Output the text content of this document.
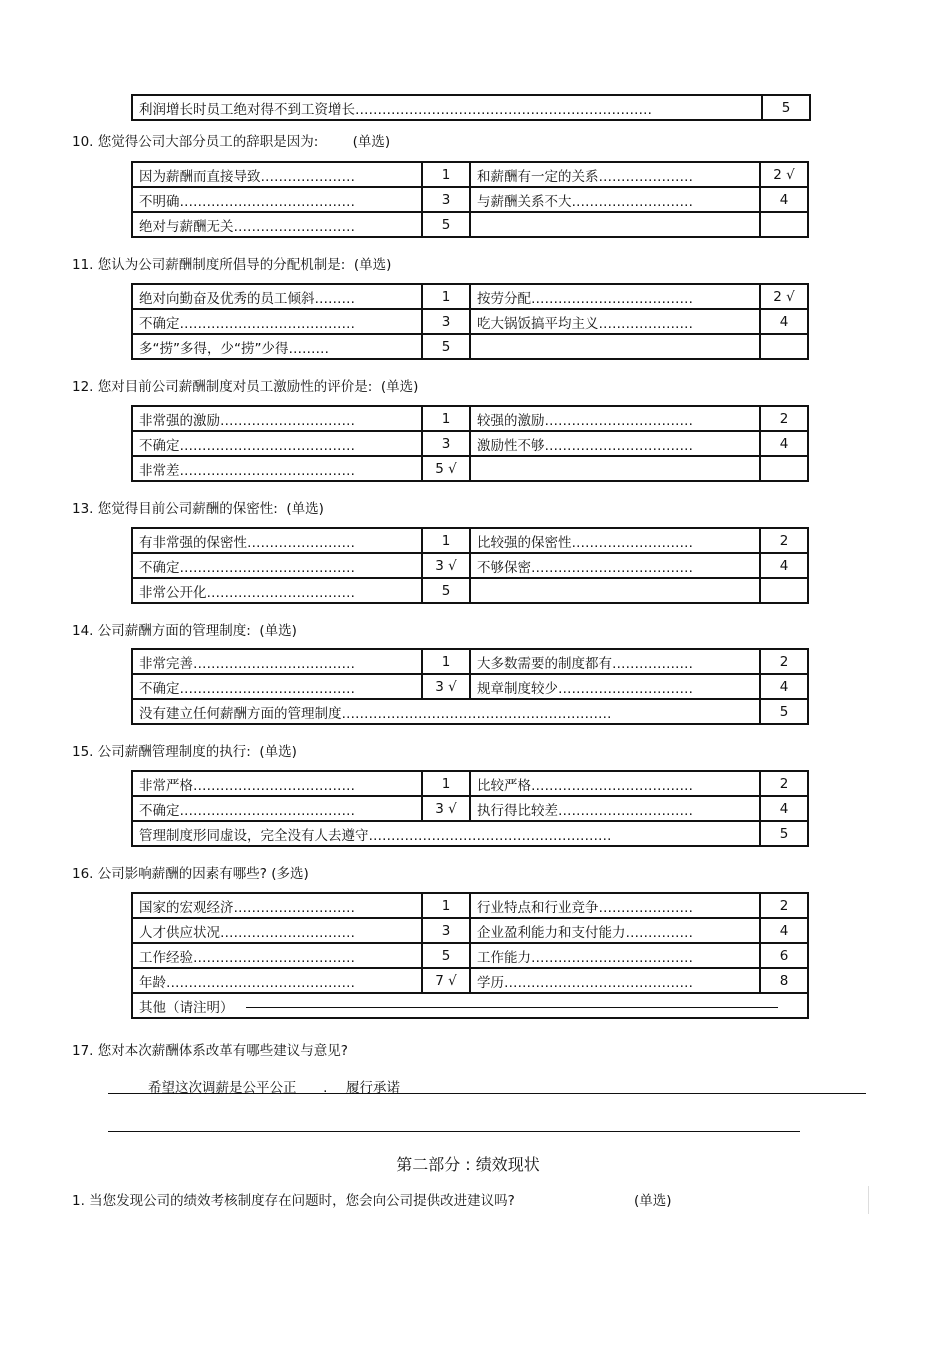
利润增长时员工绝对得不到工资增长…………………………………………………………	5
10. 您觉得公司大部分员工的辞职是因为:	(单选)
因为薪酬而直接导致…………………	1	和薪酬有一定的关系…………………	2 √
不明确…………………………………	3	与薪酬关系不大………………………	4
绝对与薪酬无关………………………	5		
11. 您认为公司薪酬制度所倡导的分配机制是: (单选)
绝对向勤奋及优秀的员工倾斜………	1	按劳分配………………………………	2 √
不确定…………………………………	3	吃大锅饭搞平均主义…………………	4
多“捞”多得，少“捞”少得………	5		
12. 您对目前公司薪酬制度对员工激励性的评价是: (单选)
非常强的激励…………………………	1	较强的激励……………………………	2
不确定…………………………………	3	激励性不够……………………………	4
非常差…………………………………	5 √		
13. 您觉得目前公司薪酬的保密性: (单选)
有非常强的保密性……………………	1	比较强的保密性………………………	2
不确定…………………………………	3 √	不够保密………………………………	4
非常公开化……………………………	5		
14. 公司薪酬方面的管理制度: (单选)
非常完善………………………………	1	大多数需要的制度都有………………	2
不确定…………………………………	3 √	规章制度较少…………………………	4
没有建立任何薪酬方面的管理制度……………………………………………………			5
15. 公司薪酬管理制度的执行: (单选)
非常严格………………………………	1	比较严格………………………………	2
不确定…………………………………	3 √	执行得比较差…………………………	4
管理制度形同虚设，完全没有人去遵守………………………………………………			5
16. 公司影响薪酬的因素有哪些? (多选)
国家的宏观经济………………………	1	行业特点和行业竞争…………………	2
人才供应状况…………………………	3	企业盈利能力和支付能力……………	4
工作经验………………………………	5	工作能力………………………………	6
年龄……………………………………	7 √	学历……………………………………	8
其他（请注明）			
17. 您对本次薪酬体系改革有哪些建议与意见?
希望这次调薪是公平公正 . 履行承诺
第二部分 : 绩效现状
1. 当您发现公司的绩效考核制度存在问题时，您会向公司提供改进建议吗?	(单选)
